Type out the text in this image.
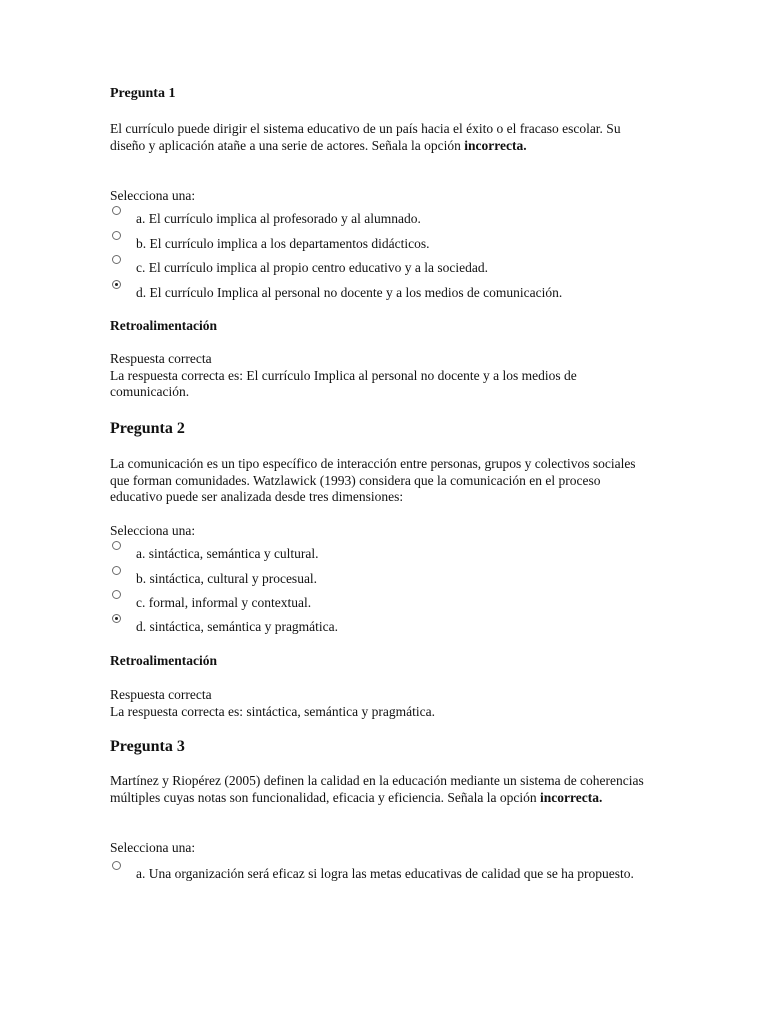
Pregunta 1
El currículo puede dirigir el sistema educativo de un país hacia el éxito o el fracaso escolar. Su diseño y aplicación atañe a una serie de actores. Señala la opción incorrecta.
Selecciona una:
a. El currículo implica al profesorado y al alumnado.
b. El currículo implica a los departamentos didácticos.
c. El currículo implica al propio centro educativo y a la sociedad.
d. El currículo Implica al personal no docente y a los medios de comunicación.
Retroalimentación
Respuesta correcta
La respuesta correcta es: El currículo Implica al personal no docente y a los medios de comunicación.
Pregunta 2
La comunicación es un tipo específico de interacción entre personas, grupos y colectivos sociales que forman comunidades. Watzlawick (1993) considera que la comunicación en el proceso educativo puede ser analizada desde tres dimensiones:
Selecciona una:
a. sintáctica, semántica y cultural.
b. sintáctica, cultural y procesual.
c. formal, informal y contextual.
d. sintáctica, semántica y pragmática.
Retroalimentación
Respuesta correcta
La respuesta correcta es: sintáctica, semántica y pragmática.
Pregunta 3
Martínez y Riopérez (2005) definen la calidad en la educación mediante un sistema de coherencias múltiples cuyas notas son funcionalidad, eficacia y eficiencia. Señala la opción incorrecta.
Selecciona una:
a. Una organización será eficaz si logra las metas educativas de calidad que se ha propuesto.
